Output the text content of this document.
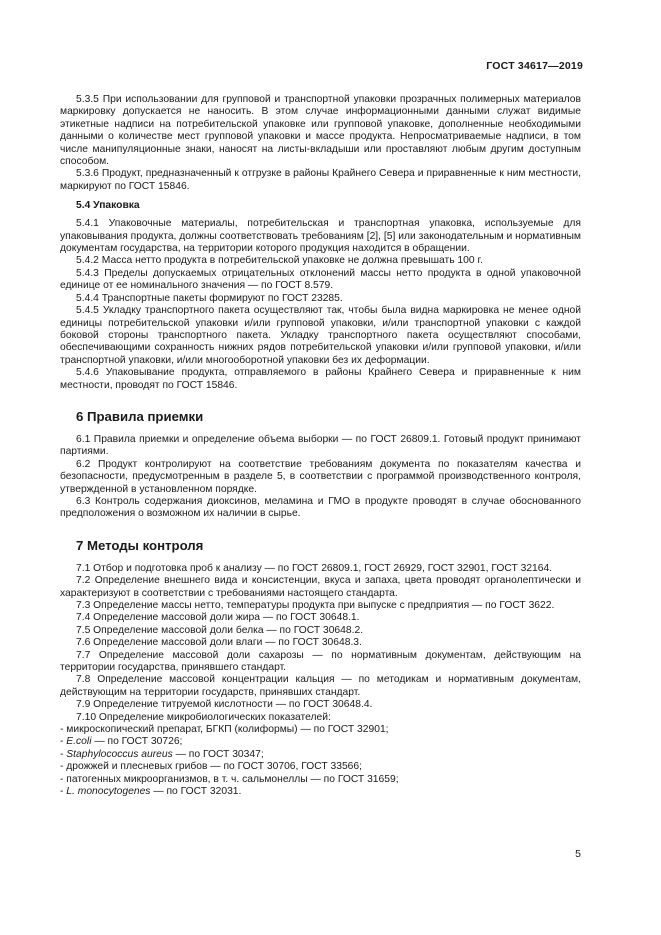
ГОСТ 34617—2019

5.3.5 При использовании для групповой и транспортной упаковки прозрачных полимерных материалов маркировку допускается не наносить. В этом случае информационными данными служат видимые этикетные надписи на потребительской упаковке или групповой упаковке, дополненные необходимыми данными о количестве мест групповой упаковки и массе продукта. Непросматриваемые надписи, в том числе манипуляционные знаки, наносят на листы-вкладыши или проставляют любым другим доступным способом.

5.3.6 Продукт, предназначенный к отгрузке в районы Крайнего Севера и приравненные к ним местности, маркируют по ГОСТ 15846.

5.4 Упаковка

5.4.1 Упаковочные материалы, потребительская и транспортная упаковка, используемые для упаковывания продукта, должны соответствовать требованиям [2], [5] или законодательным и нормативным документам государства, на территории которого продукция находится в обращении.

5.4.2 Масса нетто продукта в потребительской упаковке не должна превышать 100 г.

5.4.3 Пределы допускаемых отрицательных отклонений массы нетто продукта в одной упаковочной единице от ее номинального значения — по ГОСТ 8.579.

5.4.4 Транспортные пакеты формируют по ГОСТ 23285.

5.4.5 Укладку транспортного пакета осуществляют так, чтобы была видна маркировка не менее одной единицы потребительской упаковки и/или групповой упаковки, и/или транспортной упаковки с каждой боковой стороны транспортного пакета. Укладку транспортного пакета осуществляют способами, обеспечивающими сохранность нижних рядов потребительской упаковки и/или групповой упаковки, и/или транспортной упаковки, и/или многооборотной упаковки без их деформации.

5.4.6 Упаковывание продукта, отправляемого в районы Крайнего Севера и приравненные к ним местности, проводят по ГОСТ 15846.

6 Правила приемки

6.1 Правила приемки и определение объема выборки — по ГОСТ 26809.1. Готовый продукт принимают партиями.

6.2 Продукт контролируют на соответствие требованиям документа по показателям качества и безопасности, предусмотренным в разделе 5, в соответствии с программой производственного контроля, утвержденной в установленном порядке.

6.3 Контроль содержания диоксинов, меламина и ГМО в продукте проводят в случае обоснованного предположения о возможном их наличии в сырье.

7 Методы контроля

7.1 Отбор и подготовка проб к анализу — по ГОСТ 26809.1, ГОСТ 26929, ГОСТ 32901, ГОСТ 32164.

7.2 Определение внешнего вида и консистенции, вкуса и запаха, цвета проводят органолептически и характеризуют в соответствии с требованиями настоящего стандарта.

7.3 Определение массы нетто, температуры продукта при выпуске с предприятия — по ГОСТ 3622.

7.4 Определение массовой доли жира — по ГОСТ 30648.1.

7.5 Определение массовой доли белка — по ГОСТ 30648.2.

7.6 Определение массовой доли влаги — по ГОСТ 30648.3.

7.7 Определение массовой доли сахарозы — по нормативным документам, действующим на территории государства, принявшего стандарт.

7.8 Определение массовой концентрации кальция — по методикам и нормативным документам, действующим на территории государств, принявших стандарт.

7.9 Определение титруемой кислотности — по ГОСТ 30648.4.

7.10 Определение микробиологических показателей:

- микроскопический препарат, БГКП (колиформы) — по ГОСТ 32901;
- E.coli — по ГОСТ 30726;
- Staphylococcus aureus — по ГОСТ 30347;
- дрожжей и плесневых грибов — по ГОСТ 30706, ГОСТ 33566;
- патогенных микроорганизмов, в т. ч. сальмонеллы — по ГОСТ 31659;
- L. monocytogenes — по ГОСТ 32031.
5
